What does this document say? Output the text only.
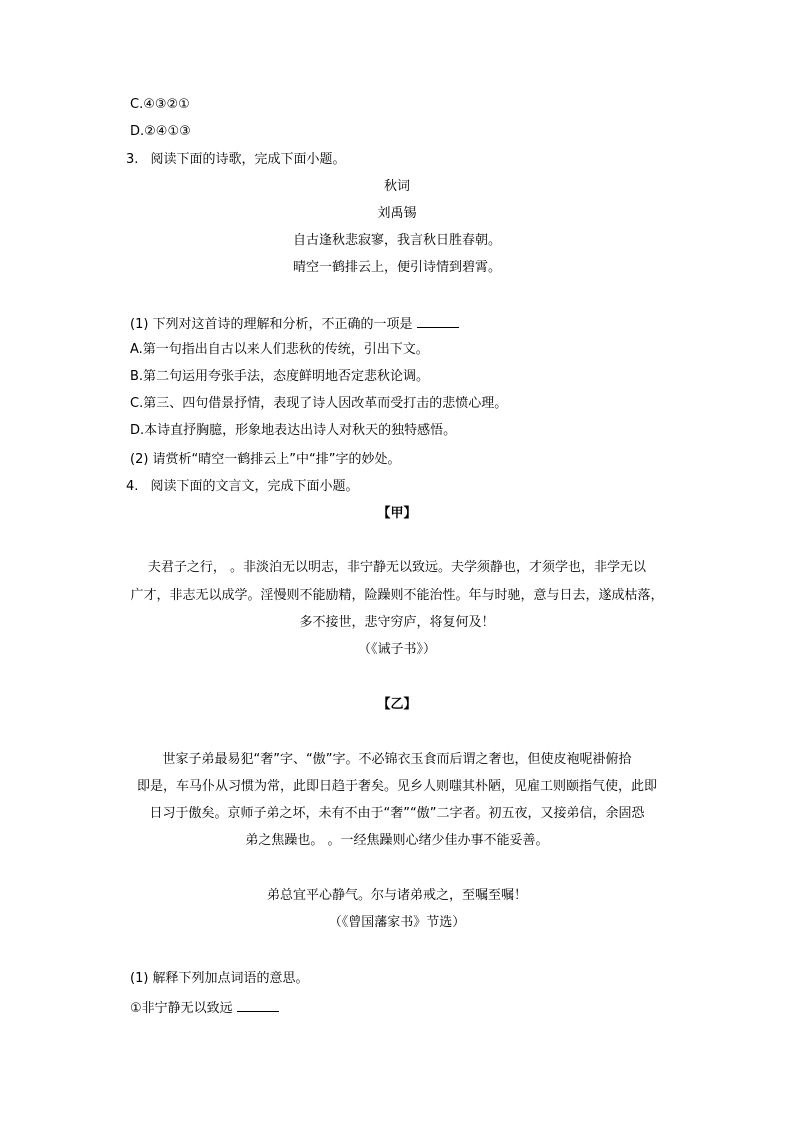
C.④③②①
D.②④①③
3. 阅读下面的诗歌，完成下面小题。
秋词
刘禹锡
自古逢秋悲寂寥，我言秋日胜春朝。
晴空一鹤排云上，便引诗情到碧霄。
(1) 下列对这首诗的理解和分析，不正确的一项是
A.第一句指出自古以来人们悲秋的传统，引出下文。
B.第二句运用夸张手法，态度鲜明地否定悲秋论调。
C.第三、四句借景抒情，表现了诗人因改革而受打击的悲愤心理。
D.本诗直抒胸臆，形象地表达出诗人对秋天的独特感悟。
(2) 请赏析“晴空一鹤排云上”中“排”字的妙处。
4. 阅读下面的文言文，完成下面小题。
【甲】
夫君子之行， 。非淡泊无以明志，非宁静无以致远。夫学须静也，才须学也，非学无以
广才，非志无以成学。淫慢则不能励精，险躁则不能治性。年与时驰，意与日去，遂成枯落，
多不接世，悲守穷庐，将复何及！
（《诫子书》）
【乙】
世家子弟最易犯“奢”字、“傲”字。不必锦衣玉食而后谓之奢也，但使皮袍呢褂俯拾
即是，车马仆从习惯为常，此即日趋于奢矣。见乡人则嗤其朴陋，见雇工则颐指气使，此即
日习于傲矣。京师子弟之坏，未有不由于“奢”“傲”二字者。初五夜，又接弟信，余固恐
弟之焦躁也。 。一经焦躁则心绪少佳办事不能妥善。
弟总宜平心静气。尔与诸弟戒之，至嘱至嘱！
（《曾国藩家书》节选）
(1) 解释下列加点词语的意思。
①非宁静无以致远
